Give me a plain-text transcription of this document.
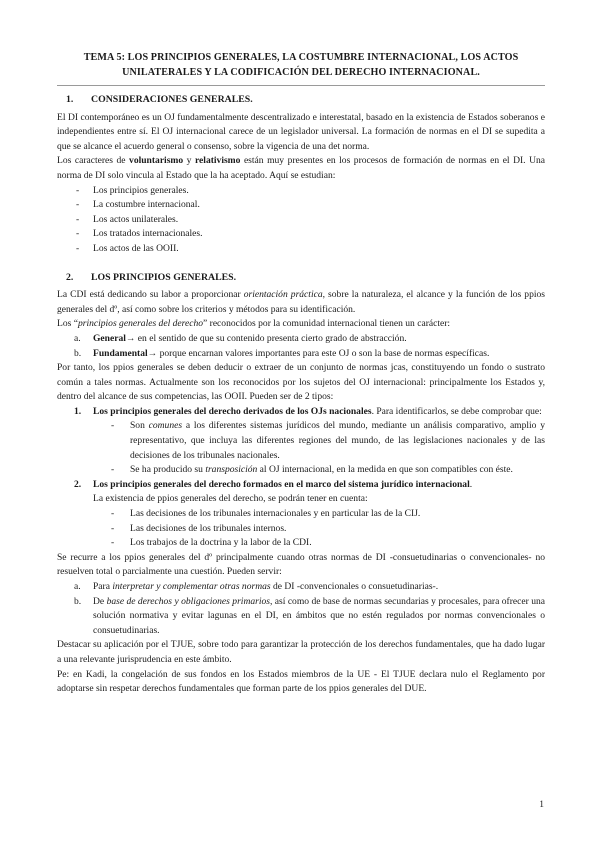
TEMA 5: LOS PRINCIPIOS GENERALES, LA COSTUMBRE INTERNACIONAL, LOS ACTOS
UNILATERALES Y LA CODIFICACIÓN DEL DERECHO INTERNACIONAL.
1. CONSIDERACIONES GENERALES.

El DI contemporáneo es un OJ fundamentalmente descentralizado e interestatal, basado en la existencia de Estados soberanos e independientes entre sí. El OJ internacional carece de un legislador universal. La formación de normas en el DI se supedita a que se alcance el acuerdo general o consenso, sobre la vigencia de una det norma.

Los caracteres de voluntarismo y relativismo están muy presentes en los procesos de formación de normas en el DI. Una norma de DI solo vincula al Estado que la ha aceptado. Aquí se estudian:

- Los principios generales.
- La costumbre internacional.
- Los actos unilaterales.
- Los tratados internacionales.
- Los actos de las OOII.
2. LOS PRINCIPIOS GENERALES.

La CDI está dedicando su labor a proporcionar orientación práctica, sobre la naturaleza, el alcance y la función de los ppios generales del dº, así como sobre los criterios y métodos para su identificación.

Los “principios generales del derecho” reconocidos por la comunidad internacional tienen un carácter:

a. General→ en el sentido de que su contenido presenta cierto grado de abstracción.
b. Fundamental→ porque encarnan valores importantes para este OJ o son la base de normas específicas.

Por tanto, los ppios generales se deben deducir o extraer de un conjunto de normas jcas, constituyendo un fondo o sustrato común a tales normas. Actualmente son los reconocidos por los sujetos del OJ internacional: principalmente los Estados y, dentro del alcance de sus competencias, las OOII. Pueden ser de 2 tipos:

1. Los principios generales del derecho derivados de los OJs nacionales. Para identificarlos, se debe comprobar que:
- Son comunes a los diferentes sistemas jurídicos del mundo, mediante un análisis comparativo, amplio y representativo, que incluya las diferentes regiones del mundo, de las legislaciones nacionales y de las decisiones de los tribunales nacionales.
- Se ha producido su transposición al OJ internacional, en la medida en que son compatibles con éste.
2. Los principios generales del derecho formados en el marco del sistema jurídico internacional.
La existencia de ppios generales del derecho, se podrán tener en cuenta:
- Las decisiones de los tribunales internacionales y en particular las de la CIJ.
- Las decisiones de los tribunales internos.
- Los trabajos de la doctrina y la labor de la CDI.

Se recurre a los ppios generales del dº principalmente cuando otras normas de DI -consuetudinarias o convencionales- no resuelven total o parcialmente una cuestión. Pueden servir:

a. Para interpretar y complementar otras normas de DI -convencionales o consuetudinarias-.
b. De base de derechos y obligaciones primarios, así como de base de normas secundarias y procesales, para ofrecer una solución normativa y evitar lagunas en el DI, en ámbitos que no estén regulados por normas convencionales o consuetudinarias.

Destacar su aplicación por el TJUE, sobre todo para garantizar la protección de los derechos fundamentales, que ha dado lugar a una relevante jurisprudencia en este ámbito.

Pe: en Kadi, la congelación de sus fondos en los Estados miembros de la UE - El TJUE declara nulo el Reglamento por adoptarse sin respetar derechos fundamentales que forman parte de los ppios generales del DUE.

1
